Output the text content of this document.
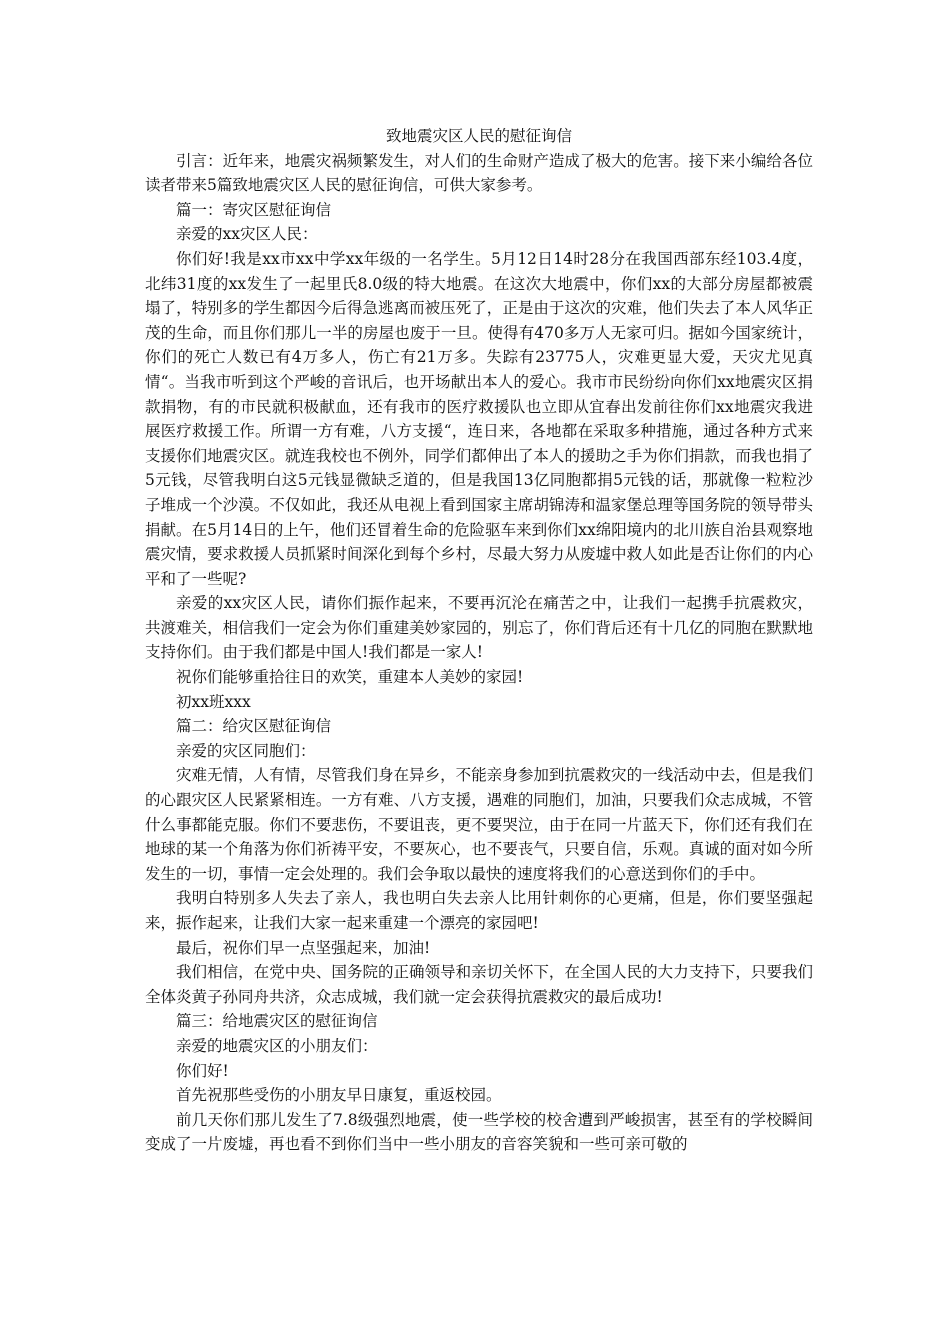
致地震灾区人民的慰征询信

引言：近年来，地震灾祸频繁发生，对人们的生命财产造成了极大的危害。接下来小编给各位读者带来5篇致地震灾区人民的慰征询信，可供大家参考。

篇一：寄灾区慰征询信

亲爱的xx灾区人民：

你们好!我是xx市xx中学xx年级的一名学生。5月12日14时28分在我国西部东经103.4度，北纬31度的xx发生了一起里氏8.0级的特大地震。在这次大地震中，你们xx的大部分房屋都被震塌了，特别多的学生都因今后得急逃离而被压死了，正是由于这次的灾难，他们失去了本人风华正茂的生命，而且你们那儿一半的房屋也废于一旦。使得有470多万人无家可归。据如今国家统计，你们的死亡人数已有4万多人，伤亡有21万多。失踪有23775人，灾难更显大爱，天灾尤见真情“。当我市听到这个严峻的音讯后，也开场献出本人的爱心。我市市民纷纷向你们xx地震灾区捐款捐物，有的市民就积极献血，还有我市的医疗救援队也立即从宜春出发前往你们xx地震灾我进展医疗救援工作。所谓一方有难，八方支援“，连日来，各地都在采取多种措施，通过各种方式来支援你们地震灾区。就连我校也不例外，同学们都伸出了本人的援助之手为你们捐款，而我也捐了5元钱，尽管我明白这5元钱显微缺乏道的，但是我国13亿同胞都捐5元钱的话，那就像一粒粒沙子堆成一个沙漠。不仅如此，我还从电视上看到国家主席胡锦涛和温家堡总理等国务院的领导带头捐献。在5月14日的上午，他们还冒着生命的危险驱车来到你们xx绵阳境内的北川族自治县观察地震灾情，要求救援人员抓紧时间深化到每个乡村，尽最大努力从废墟中救人如此是否让你们的内心平和了一些呢?

亲爱的xx灾区人民，请你们振作起来，不要再沉沦在痛苦之中，让我们一起携手抗震救灾，共渡难关，相信我们一定会为你们重建美妙家园的，别忘了，你们背后还有十几亿的同胞在默默地支持你们。由于我们都是中国人!我们都是一家人!

祝你们能够重拾往日的欢笑，重建本人美妙的家园!

初xx班xxx

篇二：给灾区慰征询信

亲爱的灾区同胞们：

灾难无情，人有情，尽管我们身在异乡，不能亲身参加到抗震救灾的一线活动中去，但是我们的心跟灾区人民紧紧相连。一方有难、八方支援，遇难的同胞们，加油，只要我们众志成城，不管什么事都能克服。你们不要悲伤，不要诅丧，更不要哭泣，由于在同一片蓝天下，你们还有我们在地球的某一个角落为你们祈祷平安，不要灰心，也不要丧气，只要自信，乐观。真诚的面对如今所发生的一切，事情一定会处理的。我们会争取以最快的速度将我们的心意送到你们的手中。

我明白特别多人失去了亲人，我也明白失去亲人比用针刺你的心更痛，但是，你们要坚强起来，振作起来，让我们大家一起来重建一个漂亮的家园吧!

最后，祝你们早一点坚强起来，加油!

我们相信，在党中央、国务院的正确领导和亲切关怀下，在全国人民的大力支持下，只要我们全体炎黄子孙同舟共济，众志成城，我们就一定会获得抗震救灾的最后成功!

篇三：给地震灾区的慰征询信

亲爱的地震灾区的小朋友们：

你们好!

首先祝那些受伤的小朋友早日康复，重返校园。

前几天你们那儿发生了7.8级强烈地震，使一些学校的校舍遭到严峻损害，甚至有的学校瞬间变成了一片废墟，再也看不到你们当中一些小朋友的音容笑貌和一些可亲可敬的
